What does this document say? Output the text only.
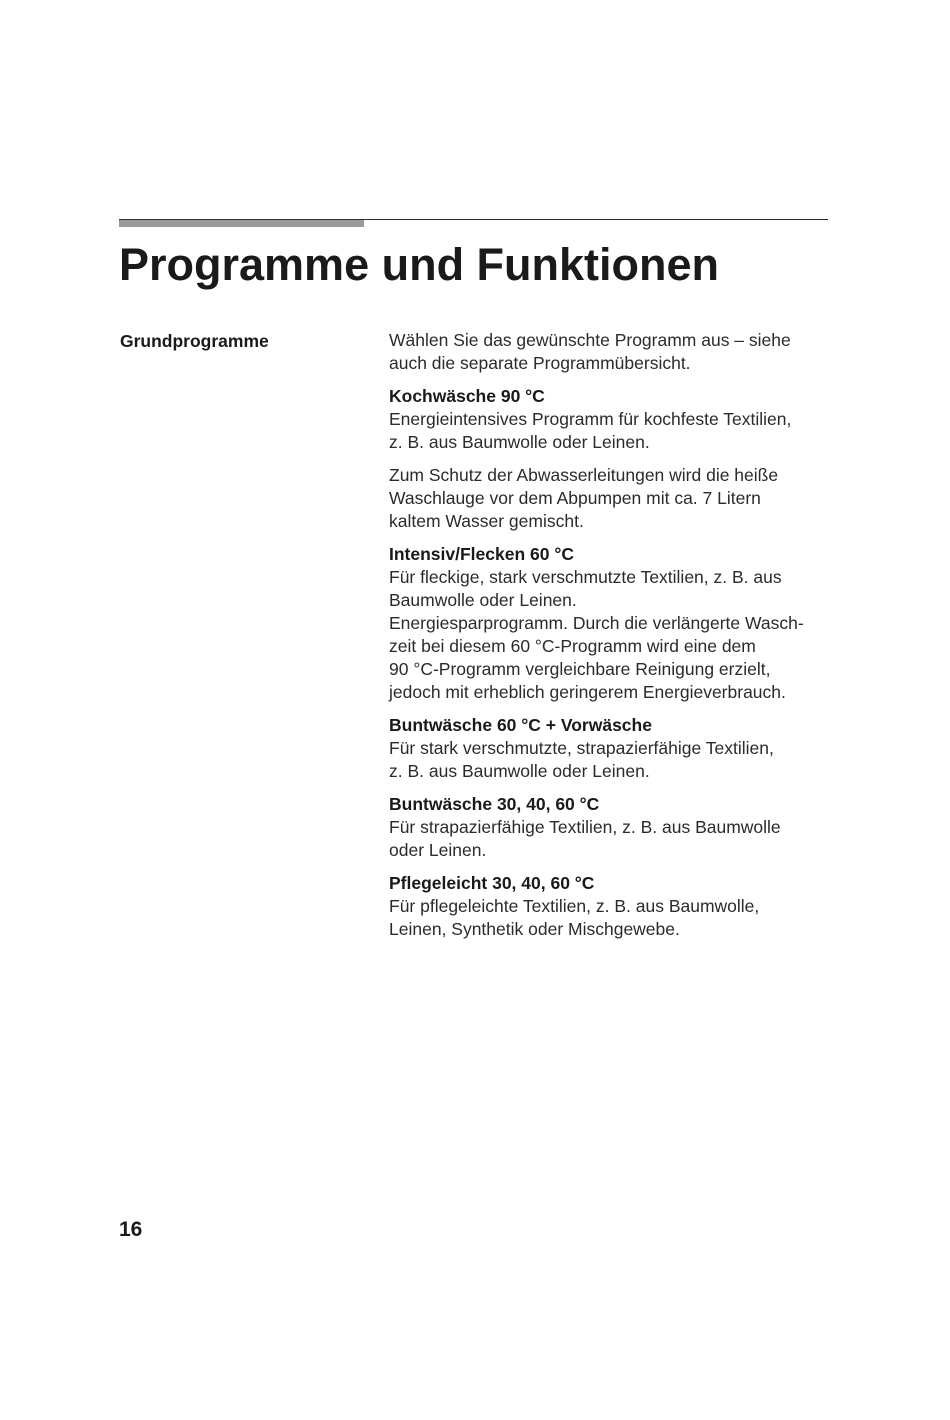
Programme und Funktionen
Grundprogramme	Wählen Sie das gewünschte Programm aus – siehe
auch die separate Programmübersicht.

Kochwäsche 90 °C
Energieintensives Programm für kochfeste Textilien,
z. B. aus Baumwolle oder Leinen.

Zum Schutz der Abwasserleitungen wird die heiße
Waschlauge vor dem Abpumpen mit ca. 7 Litern
kaltem Wasser gemischt.

Intensiv/Flecken 60 °C
Für fleckige, stark verschmutzte Textilien, z. B. aus
Baumwolle oder Leinen.
Energiesparprogramm. Durch die verlängerte Wasch-
zeit bei diesem 60 °C-Programm wird eine dem
90 °C-Programm vergleichbare Reinigung erzielt,
jedoch mit erheblich geringerem Energieverbrauch.

Buntwäsche 60 °C + Vorwäsche
Für stark verschmutzte, strapazierfähige Textilien,
z. B. aus Baumwolle oder Leinen.

Buntwäsche 30, 40, 60 °C
Für strapazierfähige Textilien, z. B. aus Baumwolle
oder Leinen.

Pflegeleicht 30, 40, 60 °C
Für pflegeleichte Textilien, z. B. aus Baumwolle,
Leinen, Synthetik oder Mischgewebe.

16
